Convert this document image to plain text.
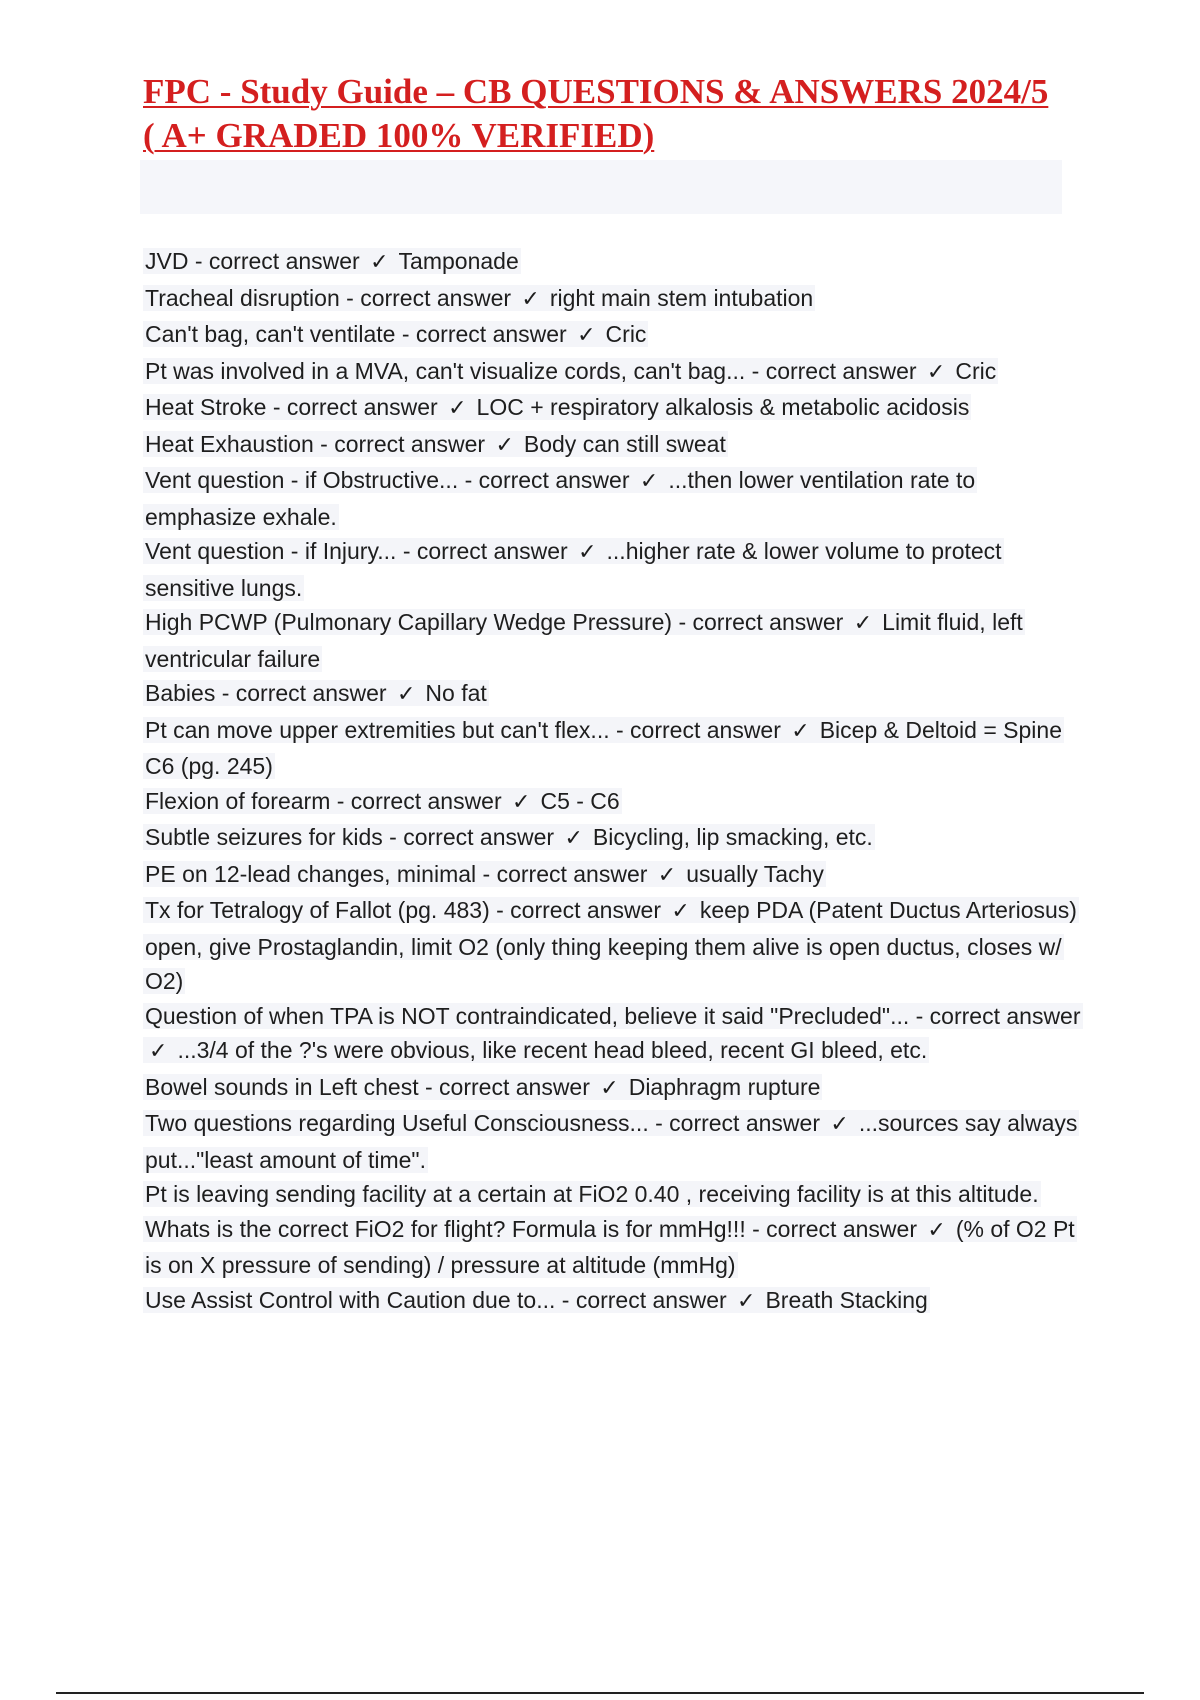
FPC - Study Guide – CB QUESTIONS & ANSWERS 2024/5
( A+ GRADED 100% VERIFIED)
JVD - correct answer ✓ Tamponade
Tracheal disruption - correct answer ✓ right main stem intubation
Can't bag, can't ventilate - correct answer ✓ Cric
Pt was involved in a MVA, can't visualize cords, can't bag... - correct answer ✓ Cric
Heat Stroke - correct answer ✓ LOC + respiratory alkalosis & metabolic acidosis
Heat Exhaustion - correct answer ✓ Body can still sweat
Vent question - if Obstructive... - correct answer ✓ ...then lower ventilation rate to emphasize exhale.
Vent question - if Injury... - correct answer ✓ ...higher rate & lower volume to protect sensitive lungs.
High PCWP (Pulmonary Capillary Wedge Pressure) - correct answer ✓ Limit fluid, left ventricular failure
Babies - correct answer ✓ No fat
Pt can move upper extremities but can't flex... - correct answer ✓ Bicep & Deltoid = Spine C6 (pg. 245)
Flexion of forearm - correct answer ✓ C5 - C6
Subtle seizures for kids - correct answer ✓ Bicycling, lip smacking, etc.
PE on 12-lead changes, minimal - correct answer ✓ usually Tachy
Tx for Tetralogy of Fallot (pg. 483) - correct answer ✓ keep PDA (Patent Ductus Arteriosus) open, give Prostaglandin, limit O2 (only thing keeping them alive is open ductus, closes w/ O2)
Question of when TPA is NOT contraindicated, believe it said "Precluded"... - correct answer ✓ ...3/4 of the ?'s were obvious, like recent head bleed, recent GI bleed, etc.
Bowel sounds in Left chest - correct answer ✓ Diaphragm rupture
Two questions regarding Useful Consciousness... - correct answer ✓ ...sources say always put..."least amount of time".
Pt is leaving sending facility at a certain at FiO2 0.40 , receiving facility is at this altitude. Whats is the correct FiO2 for flight? Formula is for mmHg!!! - correct answer ✓ (% of O2 Pt is on X pressure of sending) / pressure at altitude (mmHg)
Use Assist Control with Caution due to... - correct answer ✓ Breath Stacking
